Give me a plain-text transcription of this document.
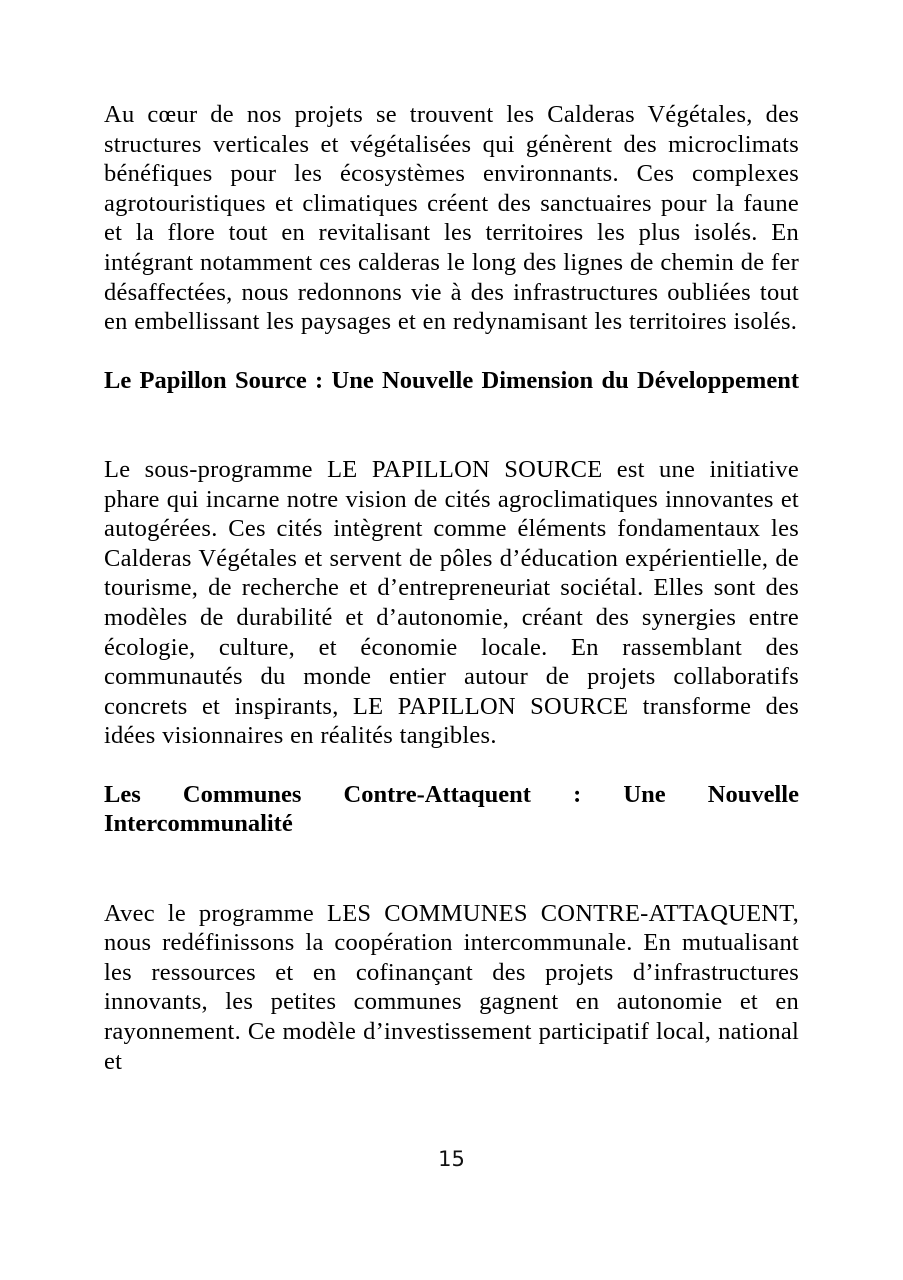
Au cœur de nos projets se trouvent les Calderas Végétales, des structures verticales et végétalisées qui génèrent des microclimats bénéfiques pour les écosystèmes environnants. Ces complexes agrotouristiques et climatiques créent des sanctuaires pour la faune et la flore tout en revitalisant les territoires les plus isolés. En intégrant notamment ces calderas le long des lignes de chemin de fer désaffectées, nous redonnons vie à des infrastructures oubliées tout en embellissant les paysages et en redynamisant les territoires isolés.

Le Papillon Source : Une Nouvelle Dimension du Développement

Le sous-programme LE PAPILLON SOURCE est une initiative phare qui incarne notre vision de cités agroclimatiques innovantes et autogérées. Ces cités intègrent comme éléments fondamentaux les Calderas Végétales et servent de pôles d’éducation expérientielle, de tourisme, de recherche et d’entrepreneuriat sociétal. Elles sont des modèles de durabilité et d’autonomie, créant des synergies entre écologie, culture, et économie locale. En rassemblant des communautés du monde entier autour de projets collaboratifs concrets et inspirants, LE PAPILLON SOURCE transforme des idées visionnaires en réalités tangibles.

Les Communes Contre-Attaquent : Une Nouvelle Intercommunalité

Avec le programme LES COMMUNES CONTRE-ATTAQUENT, nous redéfinissons la coopération intercommunale. En mutualisant les ressources et en cofinançant des projets d’infrastructures innovants, les petites communes gagnent en autonomie et en rayonnement. Ce modèle d’investissement participatif local, national et

15
